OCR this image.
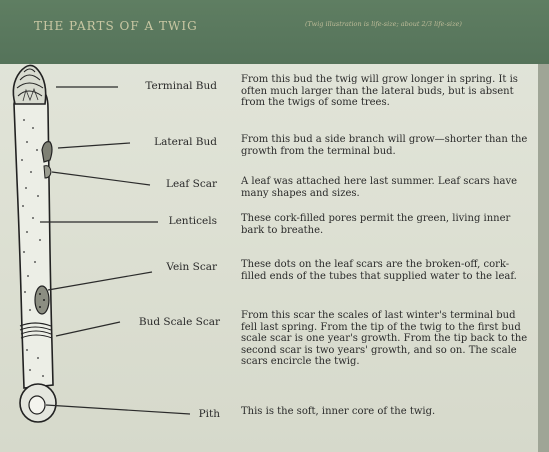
THE PARTS OF A TWIG	(Twig illustration is life-size; about 2/3 life-size)
Terminal Bud
From this bud the twig will grow longer in spring. It is often much larger than the lateral buds, but is absent from the twigs of some trees.
Lateral Bud From this bud a side branch will grow—shorter than the growth from the terminal bud.
Leaf Scar A leaf was attached here last summer. Leaf scars have many shapes and sizes.
Lenticels These cork-filled pores permit the green, living inner bark to breathe.
Vein Scar These dots on the leaf scars are the broken-off, cork-filled ends of the tubes that supplied water to the leaf.
Bud Scale Scar
From this scar the scales of last winter's terminal bud fell last spring. From the tip of the twig to the first bud scale scar is one year's growth. From the tip back to the second scar is two years' growth, and so on. The scale scars encircle the twig.
Pith This is the soft, inner core of the twig.
